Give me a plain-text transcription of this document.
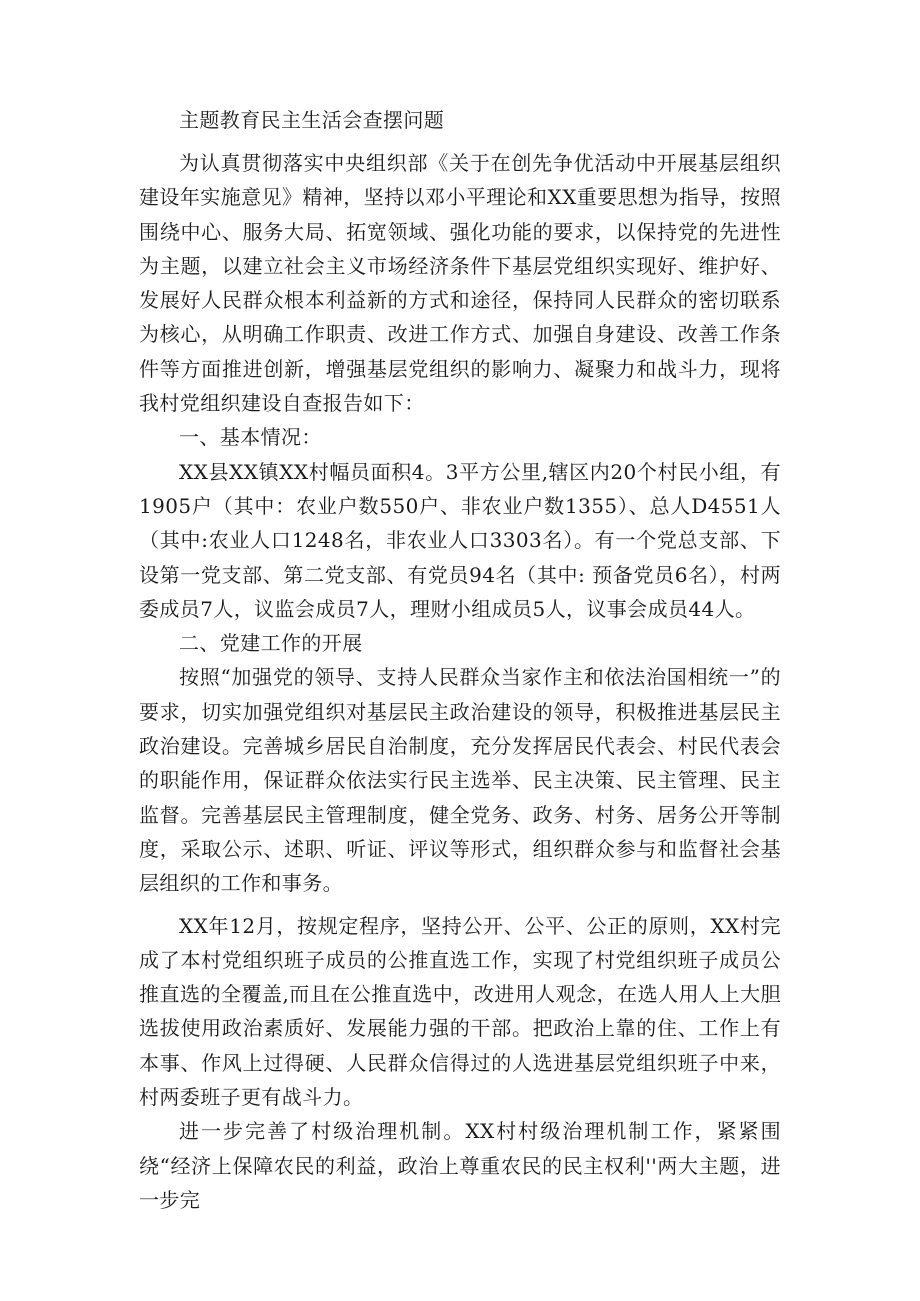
主题教育民主生活会查摆问题

为认真贯彻落实中央组织部《关于在创先争优活动中开展基层组织建设年实施意见》精神，坚持以邓小平理论和XX重要思想为指导，按照围绕中心、服务大局、拓宽领域、强化功能的要求，以保持党的先进性为主题，以建立社会主义市场经济条件下基层党组织实现好、维护好、发展好人民群众根本利益新的方式和途径，保持同人民群众的密切联系为核心，从明确工作职责、改进工作方式、加强自身建设、改善工作条件等方面推进创新，增强基层党组织的影响力、凝聚力和战斗力，现将我村党组织建设自查报告如下：

一、基本情况：

XX县XX镇XX村幅员面积4。3平方公里,辖区内20个村民小组，有1905户（其中：农业户数550户、非农业户数1355）、总人D4551人（其中:农业人口1248名，非农业人口3303名）。有一个党总支部、下设第一党支部、第二党支部、有党员94名（其中: 预备党员6名），村两委成员7人，议监会成员7人，理财小组成员5人，议事会成员44人。

二、党建工作的开展

按照“加强党的领导、支持人民群众当家作主和依法治国相统一”的要求，切实加强党组织对基层民主政治建设的领导，积极推进基层民主政治建设。完善城乡居民自治制度，充分发挥居民代表会、村民代表会的职能作用，保证群众依法实行民主选举、民主决策、民主管理、民主监督。完善基层民主管理制度，健全党务、政务、村务、居务公开等制度，采取公示、述职、听证、评议等形式，组织群众参与和监督社会基层组织的工作和事务。

XX年12月，按规定程序，坚持公开、公平、公正的原则，XX村完成了本村党组织班子成员的公推直选工作，实现了村党组织班子成员公推直选的全覆盖,而且在公推直选中，改进用人观念，在选人用人上大胆选拔使用政治素质好、发展能力强的干部。把政治上靠的住、工作上有本事、作风上过得硬、人民群众信得过的人选进基层党组织班子中来，村两委班子更有战斗力。

进一步完善了村级治理机制。XX村村级治理机制工作，紧紧围绕“经济上保障农民的利益，政治上尊重农民的民主权利''两大主题，进一步完
